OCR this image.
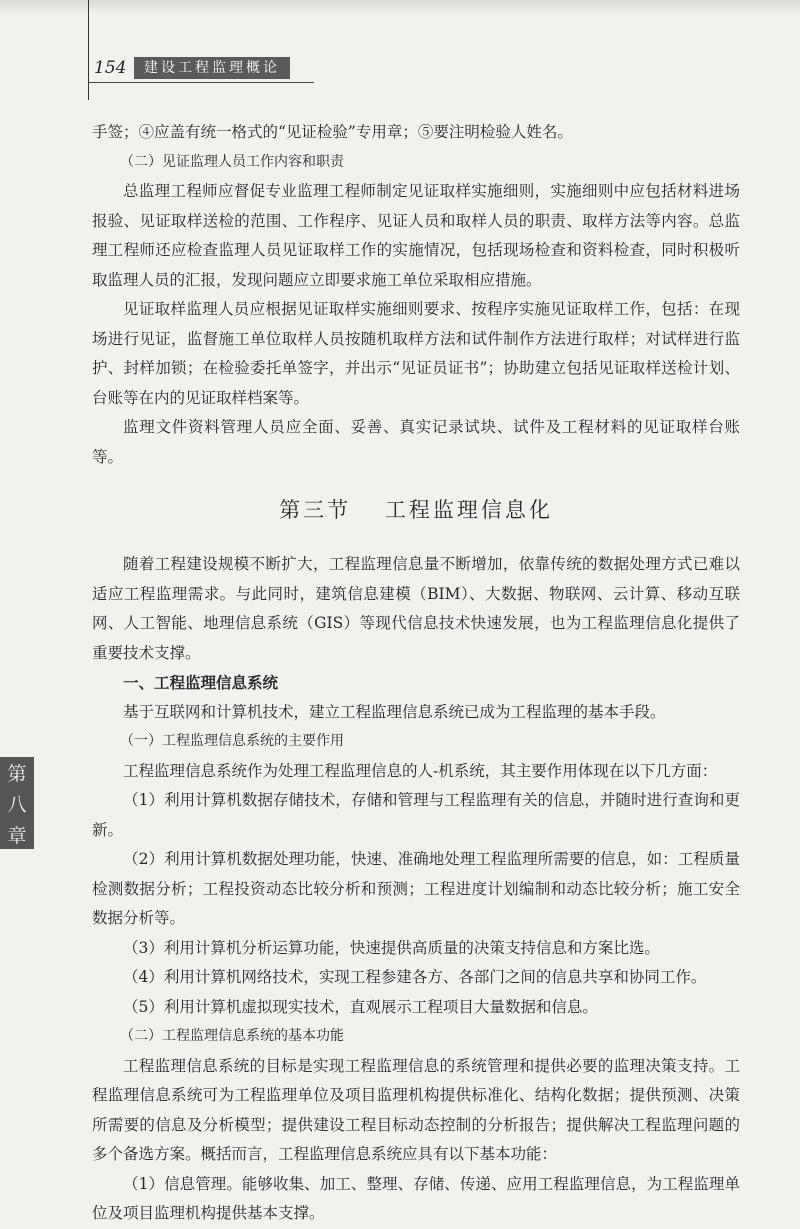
154	建设工程监理概论
第
八
章

手签；④应盖有统一格式的“见证检验”专用章；⑤要注明检验人姓名。

（二）见证监理人员工作内容和职责

总监理工程师应督促专业监理工程师制定见证取样实施细则，实施细则中应包括材料进场报验、见证取样送检的范围、工作程序、见证人员和取样人员的职责、取样方法等内容。总监理工程师还应检查监理人员见证取样工作的实施情况，包括现场检查和资料检查，同时积极听取监理人员的汇报，发现问题应立即要求施工单位采取相应措施。

见证取样监理人员应根据见证取样实施细则要求、按程序实施见证取样工作，包括：在现场进行见证，监督施工单位取样人员按随机取样方法和试件制作方法进行取样；对试样进行监护、封样加锁；在检验委托单签字，并出示“见证员证书”；协助建立包括见证取样送检计划、台账等在内的见证取样档案等。

监理文件资料管理人员应全面、妥善、真实记录试块、试件及工程材料的见证取样台账等。

第三节 工程监理信息化

随着工程建设规模不断扩大，工程监理信息量不断增加，依靠传统的数据处理方式已难以适应工程监理需求。与此同时，建筑信息建模（BIM）、大数据、物联网、云计算、移动互联网、人工智能、地理信息系统（GIS）等现代信息技术快速发展，也为工程监理信息化提供了重要技术支撑。

一、工程监理信息系统

基于互联网和计算机技术，建立工程监理信息系统已成为工程监理的基本手段。

（一）工程监理信息系统的主要作用

工程监理信息系统作为处理工程监理信息的人-机系统，其主要作用体现在以下几方面：

（1）利用计算机数据存储技术，存储和管理与工程监理有关的信息，并随时进行查询和更新。

（2）利用计算机数据处理功能，快速、准确地处理工程监理所需要的信息，如：工程质量检测数据分析；工程投资动态比较分析和预测；工程进度计划编制和动态比较分析；施工安全数据分析等。

（3）利用计算机分析运算功能，快速提供高质量的决策支持信息和方案比选。

（4）利用计算机网络技术，实现工程参建各方、各部门之间的信息共享和协同工作。

（5）利用计算机虚拟现实技术，直观展示工程项目大量数据和信息。

（二）工程监理信息系统的基本功能

工程监理信息系统的目标是实现工程监理信息的系统管理和提供必要的监理决策支持。工程监理信息系统可为工程监理单位及项目监理机构提供标准化、结构化数据；提供预测、决策所需要的信息及分析模型；提供建设工程目标动态控制的分析报告；提供解决工程监理问题的多个备选方案。概括而言，工程监理信息系统应具有以下基本功能：

（1）信息管理。能够收集、加工、整理、存储、传递、应用工程监理信息，为工程监理单位及项目监理机构提供基本支撑。
